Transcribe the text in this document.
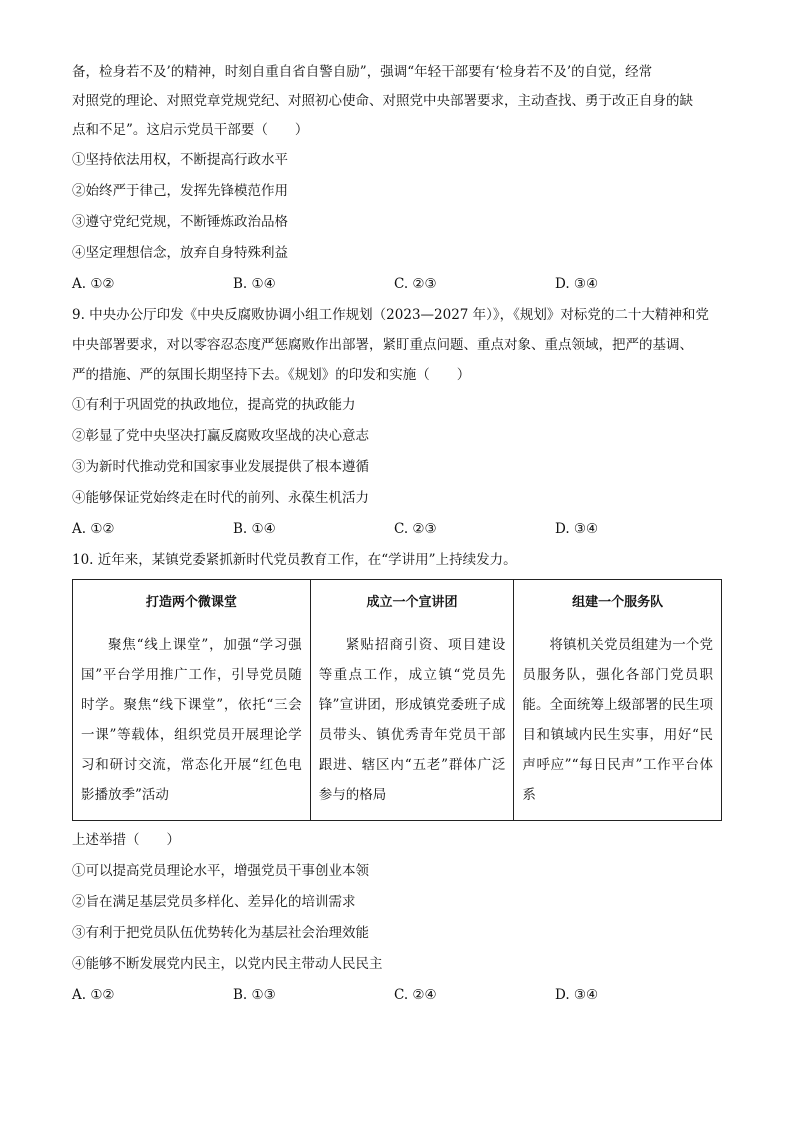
备，检身若不及’的精神，时刻自重自省自警自励”，强调“年轻干部要有‘检身若不及’的自觉，经常

对照党的理论、对照党章党规党纪、对照初心使命、对照党中央部署要求，主动查找、勇于改正自身的缺

点和不足”。这启示党员干部要（　　）

①坚持依法用权，不断提高行政水平

②始终严于律己，发挥先锋模范作用

③遵守党纪党规，不断锤炼政治品格

④坚定理想信念，放弃自身特殊利益

A. ①②	B. ①④	C. ②③	D. ③④

9. 中央办公厅印发《中央反腐败协调小组工作规划（2023—2027 年）》，《规划》对标党的二十大精神和党

中央部署要求，对以零容忍态度严惩腐败作出部署，紧盯重点问题、重点对象、重点领域，把严的基调、

严的措施、严的氛围长期坚持下去。《规划》的印发和实施（　　）

①有利于巩固党的执政地位，提高党的执政能力

②彰显了党中央坚决打赢反腐败攻坚战的决心意志

③为新时代推动党和国家事业发展提供了根本遵循

④能够保证党始终走在时代的前列、永葆生机活力

A. ①②	B. ①④	C. ②③	D. ③④

10. 近年来，某镇党委紧抓新时代党员教育工作，在“学讲用”上持续发力。

打造两个微课堂
聚焦“线上课堂”，加强“学习强国”平台学用推广工作，引导党员随时学。聚焦“线下课堂”，依托“三会一课”等载体，组织党员开展理论学习和研讨交流，常态化开展“红色电影播放季”活动

成立一个宣讲团
紧贴招商引资、项目建设等重点工作，成立镇“党员先锋”宣讲团，形成镇党委班子成员带头、镇优秀青年党员干部跟进、辖区内“五老”群体广泛参与的格局

组建一个服务队
将镇机关党员组建为一个党员服务队，强化各部门党员职能。全面统筹上级部署的民生项目和镇域内民生实事，用好“民声呼应”“每日民声”工作平台体系

上述举措（　　）

①可以提高党员理论水平，增强党员干事创业本领

②旨在满足基层党员多样化、差异化的培训需求

③有利于把党员队伍优势转化为基层社会治理效能

④能够不断发展党内民主，以党内民主带动人民民主

A. ①②	B. ①③	C. ②④	D. ③④
